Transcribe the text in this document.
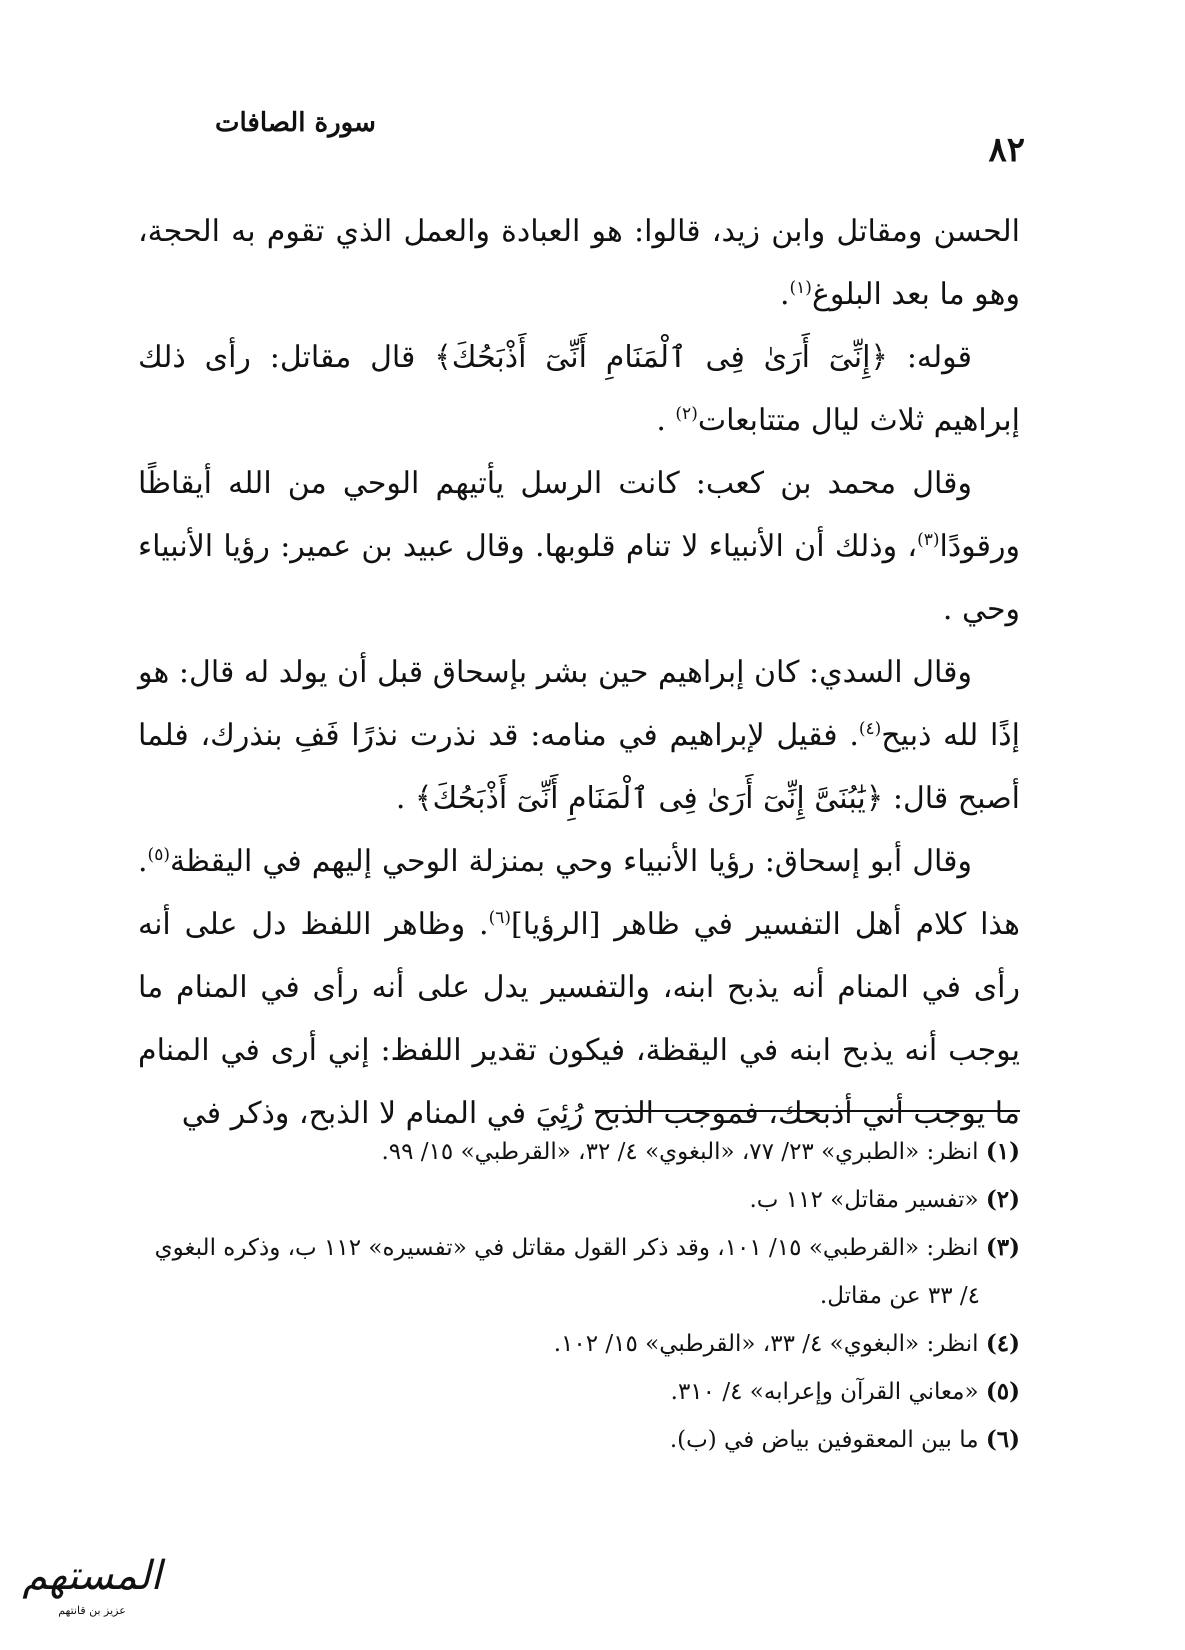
٨٢
سورة الصافات

الحسن ومقاتل وابن زيد، قالوا: هو العبادة والعمل الذي تقوم به الحجة، وهو ما بعد البلوغ$^{(١)}$.

قوله: ﴿إِنِّىٓ أَرَىٰ فِى ٱلْمَنَامِ أَنِّىٓ أَذْبَحُكَ﴾ قال مقاتل: رأى ذلك إبراهيم ثلاث ليال متتابعات$^{(٢)}$ .

وقال محمد بن كعب: كانت الرسل يأتيهم الوحي من الله أيقاظًا ورقودًا$^{(٣)}$، وذلك أن الأنبياء لا تنام قلوبها. وقال عبيد بن عمير: رؤيا الأنبياء وحي .

وقال السدي: كان إبراهيم حين بشر بإسحاق قبل أن يولد له قال: هو إذًا لله ذبيح$^{(٤)}$. فقيل لإبراهيم في منامه: قد نذرت نذرًا فَفِ بنذرك، فلما أصبح قال: ﴿يَٰبُنَىَّ إِنِّىٓ أَرَىٰ فِى ٱلْمَنَامِ أَنِّىٓ أَذْبَحُكَ﴾ .

وقال أبو إسحاق: رؤيا الأنبياء وحي بمنزلة الوحي إليهم في اليقظة$^{(٥)}$. هذا كلام أهل التفسير في ظاهر [الرؤيا]$^{(٦)}$. وظاهر اللفظ دل على أنه رأى في المنام أنه يذبح ابنه، والتفسير يدل على أنه رأى في المنام ما يوجب أنه يذبح ابنه في اليقظة، فيكون تقدير اللفظ: إني أرى في المنام ما يوجب أني أذبحك، فموجب الذبح رُئِيَ في المنام لا الذبح، وذكر في

(١) انظر: «الطبري» ٢٣/ ٧٧، «البغوي» ٤/ ٣٢، «القرطبي» ١٥/ ٩٩.

(٢) «تفسير مقاتل» ١١٢ ب.

(٣) انظر: «القرطبي» ١٥/ ١٠١، وقد ذكر القول مقاتل في «تفسيره» ١١٢ ب، وذكره البغوي ٤/ ٣٣ عن مقاتل.

(٤) انظر: «البغوي» ٤/ ٣٣، «القرطبي» ١٥/ ١٠٢.

(٥) «معاني القرآن وإعرابه» ٤/ ٣١٠.

(٦) ما بين المعقوفين بياض في (ب).

المستهم
عزيز بن قانتهم
